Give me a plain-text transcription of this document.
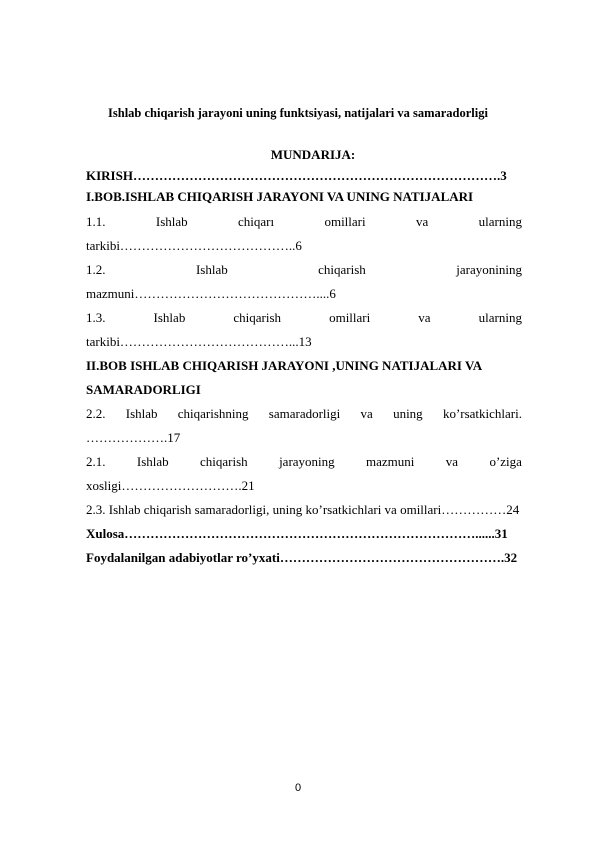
Ishlab chiqarish jarayoni uning funktsiyasi, natijalari va samaradorligi
MUNDARIJA:
KIRISH………………………………………………………………………….3
I.BOB.ISHLAB CHIQARISH JARAYONI VA UNING NATIJALARI
1.1.	Ishlab	chiqarı	omillari	va	ularning
tarkibi…………………………………..6
1.2.	Ishlab	chiqarish	jarayonining
mazmuni……………………………………....6
1.3.	Ishlab	chiqarish	omillari	va	ularning
tarkibi…………………………………...13
II.BOB ISHLAB CHIQARISH JARAYONI ,UNING NATIJALARI VA
SAMARADORLIGI
2.2. Ishlab chiqarishning samaradorligi va uning ko’rsatkichlari.
……………….17
2.1. Ishlab chiqarish jarayoning mazmuni va o’ziga
xosligi……………………….21
2.3. Ishlab chiqarish samaradorligi, uning ko’rsatkichlari va omillari……………24
Xulosa………………………………………………………………………......31
Foydalanilgan adabiyotlar ro’yxati…………………………………………….32
0
